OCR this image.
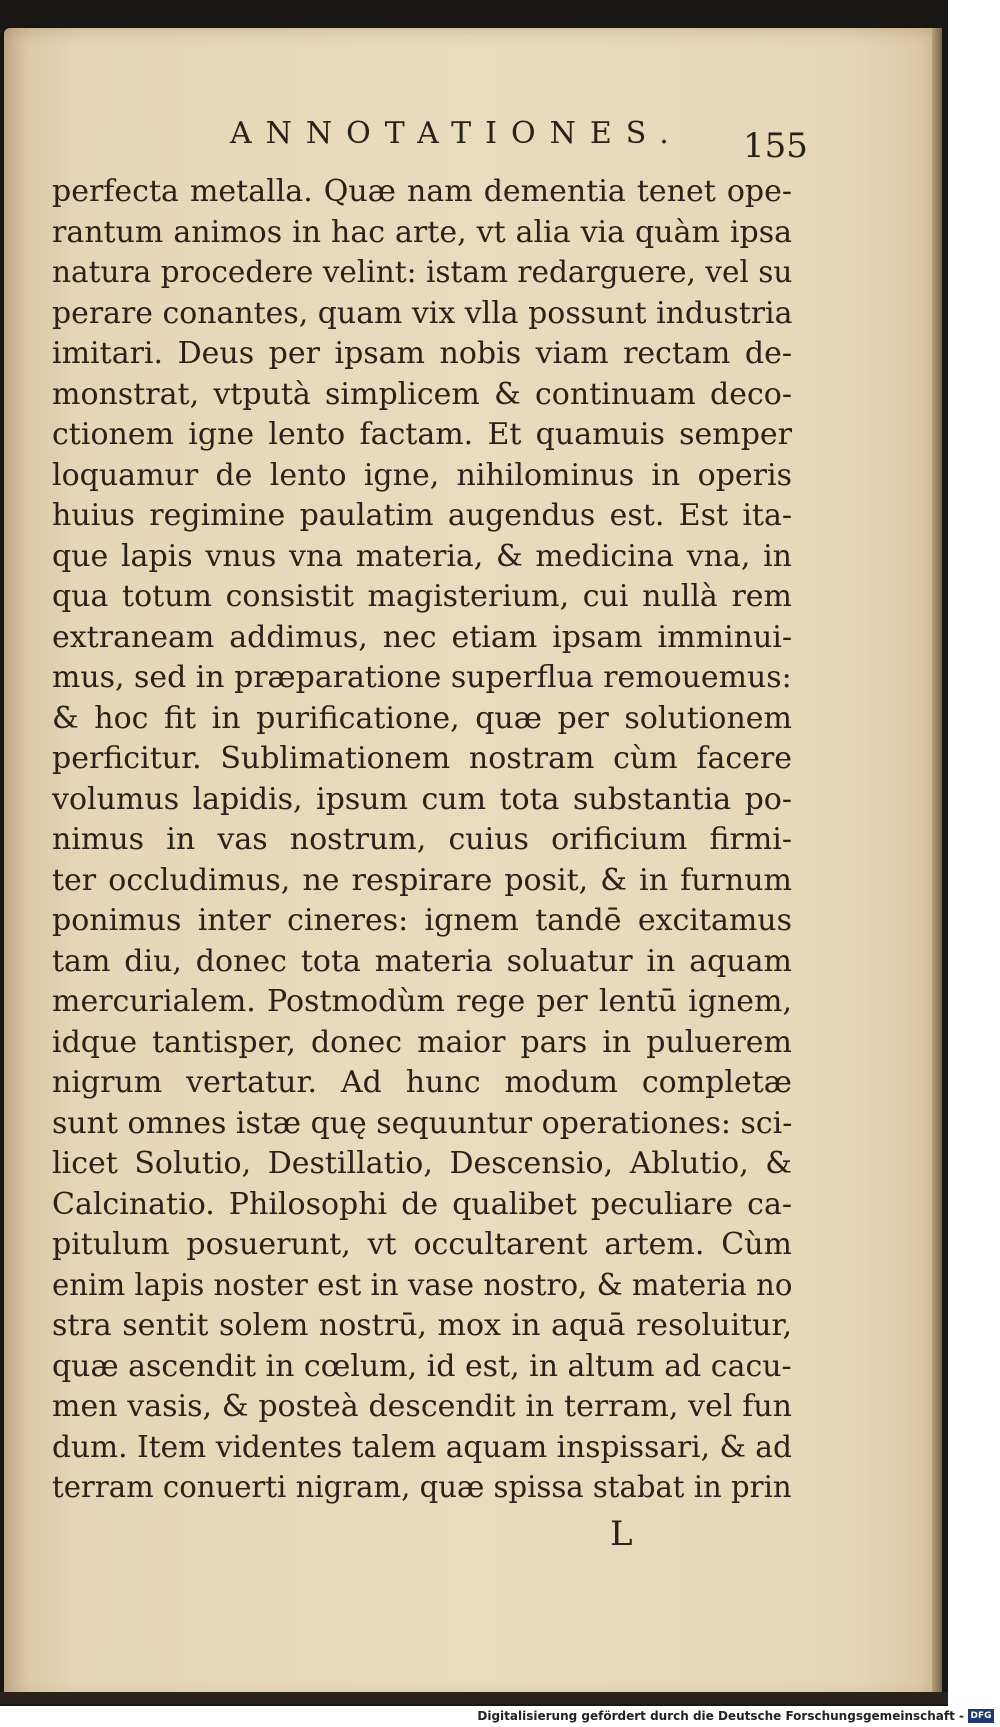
ANNOTATIONES. 155
perfecta metalla. Quæ nam dementia tenet ope-
rantum animos in hac arte, vt alia via quàm ipsa
natura procedere velint: istam redarguere, vel su
perare conantes, quam vix vlla possunt industria
imitari. Deus per ipsam nobis viam rectam de-
monstrat, vtputà simplicem & continuam deco-
ctionem igne lento factam. Et quamuis semper
loquamur de lento igne, nihilominus in operis
huius regimine paulatim augendus est. Est ita-
que lapis vnus vna materia, & medicina vna, in
qua totum consistit magisterium, cui nullà rem
extraneam addimus, nec etiam ipsam imminui-
mus, sed in præparatione superflua remouemus:
& hoc fit in purificatione, quæ per solutionem
perficitur. Sublimationem nostram cùm facere
volumus lapidis, ipsum cum tota substantia po-
nimus in vas nostrum, cuius orificium firmi-
ter occludimus, ne respirare posit, & in furnum
ponimus inter cineres: ignem tandē excitamus
tam diu, donec tota materia soluatur in aquam
mercurialem. Postmodùm rege per lentū ignem,
idque tantisper, donec maior pars in puluerem
nigrum vertatur. Ad hunc modum completæ
sunt omnes istæ quę sequuntur operationes: sci-
licet Solutio, Destillatio, Descensio, Ablutio, &
Calcinatio. Philosophi de qualibet peculiare ca-
pitulum posuerunt, vt occultarent artem. Cùm
enim lapis noster est in vase nostro, & materia no
stra sentit solem nostrū, mox in aquā resoluitur,
quæ ascendit in cœlum, id est, in altum ad cacu-
men vasis, & posteà descendit in terram, vel fun
dum. Item videntes talem aquam inspissari, & ad
terram conuerti nigram, quæ spissa stabat in prin
L
Digitalisierung gefördert durch die Deutsche Forschungsgemeinschaft - DFG
